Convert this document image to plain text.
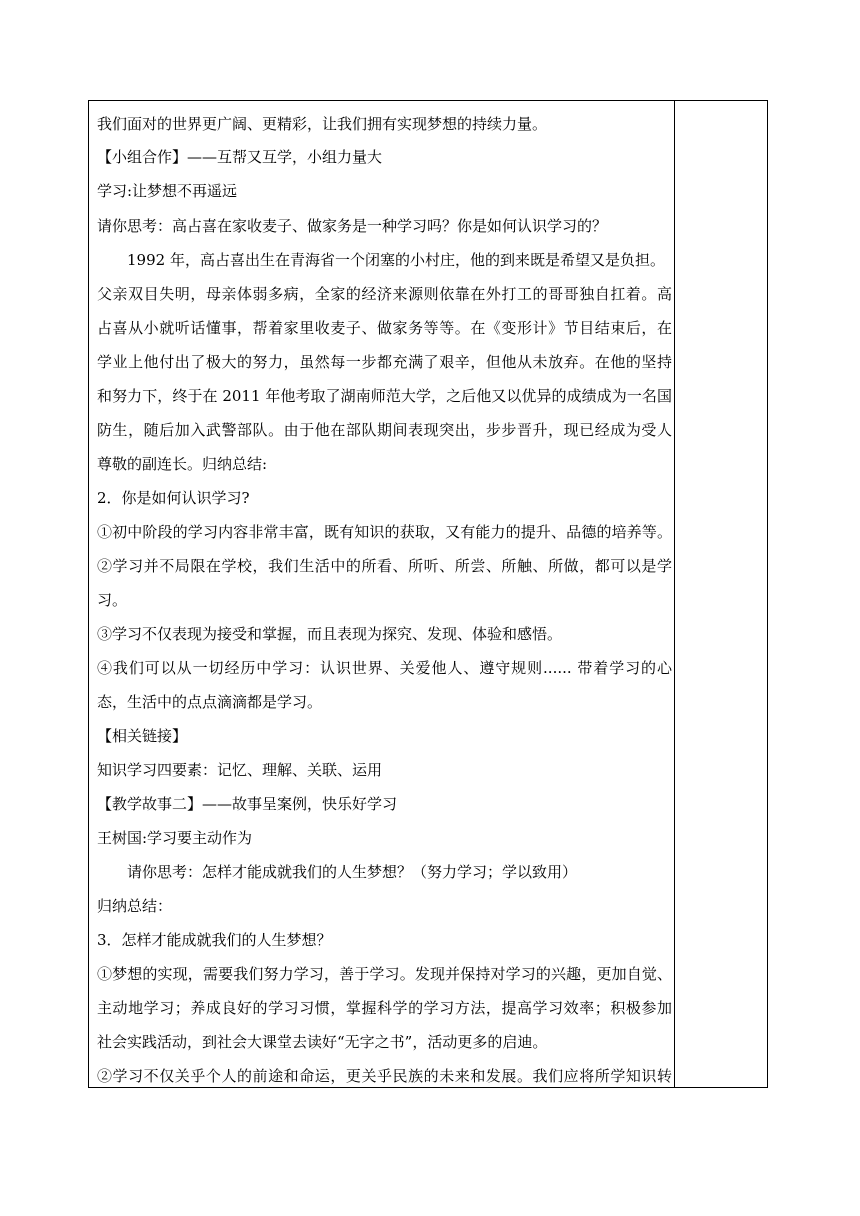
我们面对的世界更广阔、更精彩，让我们拥有实现梦想的持续力量。
【小组合作】——互帮又互学，小组力量大
学习:让梦想不再遥远
请你思考：高占喜在家收麦子、做家务是一种学习吗？你是如何认识学习的？
1992 年，高占喜出生在青海省一个闭塞的小村庄，他的到来既是希望又是负担。
父亲双目失明，母亲体弱多病，全家的经济来源则依靠在外打工的哥哥独自扛着。高
占喜从小就听话懂事，帮着家里收麦子、做家务等等。在《变形计》节目结束后，在
学业上他付出了极大的努力，虽然每一步都充满了艰辛，但他从未放弃。在他的坚持
和努力下，终于在 2011 年他考取了湖南师范大学，之后他又以优异的成绩成为一名国
防生，随后加入武警部队。由于他在部队期间表现突出，步步晋升，现已经成为受人
尊敬的副连长。归纳总结:
2．你是如何认识学习?
①初中阶段的学习内容非常丰富，既有知识的获取，又有能力的提升、品德的培养等。
②学习并不局限在学校，我们生活中的所看、所听、所尝、所触、所做，都可以是学
习。
③学习不仅表现为接受和掌握，而且表现为探究、发现、体验和感悟。
④我们可以从一切经历中学习：认识世界、关爱他人、遵守规则...... 带着学习的心
态，生活中的点点滴滴都是学习。
【相关链接】
知识学习四要素：记忆、理解、关联、运用
【教学故事二】——故事呈案例，快乐好学习
王树国:学习要主动作为
请你思考：怎样才能成就我们的人生梦想？（努力学习；学以致用）
归纳总结：
3．怎样才能成就我们的人生梦想？
①梦想的实现，需要我们努力学习，善于学习。发现并保持对学习的兴趣，更加自觉、
主动地学习；养成良好的学习习惯，掌握科学的学习方法，提高学习效率；积极参加
社会实践活动，到社会大课堂去读好“无字之书”，活动更多的启迪。
②学习不仅关乎个人的前途和命运，更关乎民族的未来和发展。我们应将所学知识转
